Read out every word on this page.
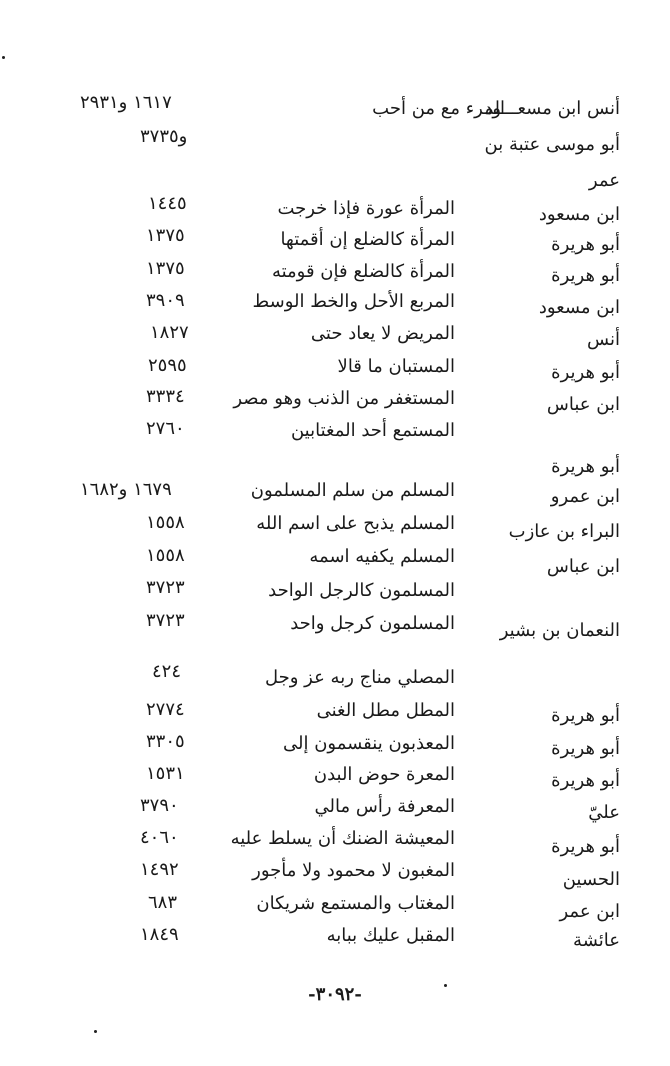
أنس ابن مسعـــود
المرء مع من أحب
١٦١٧ و٢٩٣١
أبو موسى عتبة بن
و٣٧٣٥
عمر
ابن مسعود
المرأة عورة فإذا خرجت
١٤٤٥
أبو هريرة
المرأة كالضلع إن أقمتها
١٣٧٥
أبو هريرة
المرأة كالضلع فإن قومته
١٣٧٥
ابن مسعود
المربع الأحل والخط الوسط
٣٩٠٩
أنس
المريض لا يعاد حتى
١٨٢٧
أبو هريرة
المستبان ما قالا
٢٥٩٥
ابن عباس
المستغفر من الذنب وهو مصر
٣٣٣٤
المستمع أحد المغتابين
٢٧٦٠
أبو هريرة
ابن عمرو
المسلم من سلم المسلمون
١٦٧٩ و١٦٨٢
البراء بن عازب
المسلم يذبح على اسم الله
١٥٥٨
ابن عباس
المسلم يكفيه اسمه
١٥٥٨
المسلمون كالرجل الواحد
٣٧٢٣
النعمان بن بشير
المسلمون كرجل واحد
٣٧٢٣
المصلي مناج ربه عز وجل
٤٢٤
أبو هريرة
المطل مطل الغنى
٢٧٧٤
أبو هريرة
المعذبون ينقسمون إلى
٣٣٠٥
أبو هريرة
المعرة حوض البدن
١٥٣١
عليّ
المعرفة رأس مالي
٣٧٩٠
أبو هريرة
المعيشة الضنك أن يسلط عليه
٤٠٦٠
الحسين
المغبون لا محمود ولا مأجور
١٤٩٢
ابن عمر
المغتاب والمستمع شريكان
٦٨٣
عائشة
المقبل عليك ببابه
١٨٤٩
-٣٠٩٢-
